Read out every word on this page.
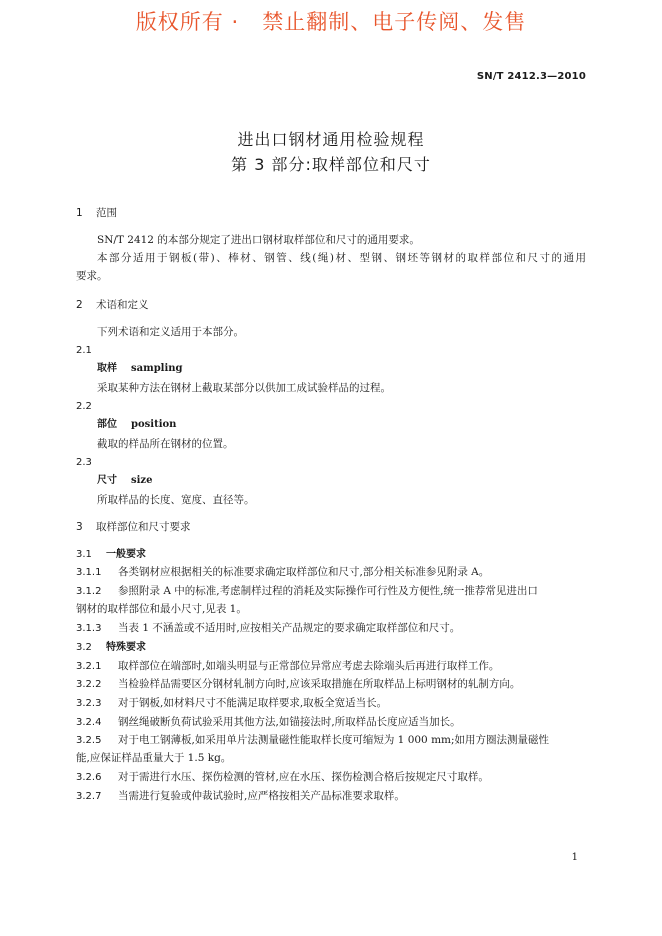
版权所有 ·   禁止翻制、电子传阅、发售
SN/T 2412.3—2010
进出口钢材通用检验规程
第 3 部分:取样部位和尺寸
1 范围
SN/T 2412 的本部分规定了进出口钢材取样部位和尺寸的通用要求。
本部分适用于钢板(带)、棒材、钢管、线(绳)材、型钢、钢坯等钢材的取样部位和尺寸的通用
要求。
2 术语和定义
下列术语和定义适用于本部分。
2.1
取样 sampling
采取某种方法在钢材上截取某部分以供加工成试验样品的过程。
2.2
部位 position
截取的样品所在钢材的位置。
2.3
尺寸 size
所取样品的长度、宽度、直径等。
3 取样部位和尺寸要求
3.1 一般要求
3.1.1 各类钢材应根据相关的标准要求确定取样部位和尺寸,部分相关标准参见附录 A。
3.1.2 参照附录 A 中的标准,考虑制样过程的消耗及实际操作可行性及方便性,统一推荐常见进出口
钢材的取样部位和最小尺寸,见表 1。
3.1.3 当表 1 不涵盖或不适用时,应按相关产品规定的要求确定取样部位和尺寸。
3.2 特殊要求
3.2.1 取样部位在端部时,如端头明显与正常部位异常应考虑去除端头后再进行取样工作。
3.2.2 当检验样品需要区分钢材轧制方向时,应该采取措施在所取样品上标明钢材的轧制方向。
3.2.3 对于钢板,如材料尺寸不能满足取样要求,取板全宽适当长。
3.2.4 钢丝绳破断负荷试验采用其他方法,如锚接法时,所取样品长度应适当加长。
3.2.5 对于电工钢薄板,如采用单片法测量磁性能取样长度可缩短为 1 000 mm;如用方圈法测量磁性
能,应保证样品重量大于 1.5 kg。
3.2.6 对于需进行水压、探伤检测的管材,应在水压、探伤检测合格后按规定尺寸取样。
3.2.7 当需进行复验或仲裁试验时,应严格按相关产品标准要求取样。
1
